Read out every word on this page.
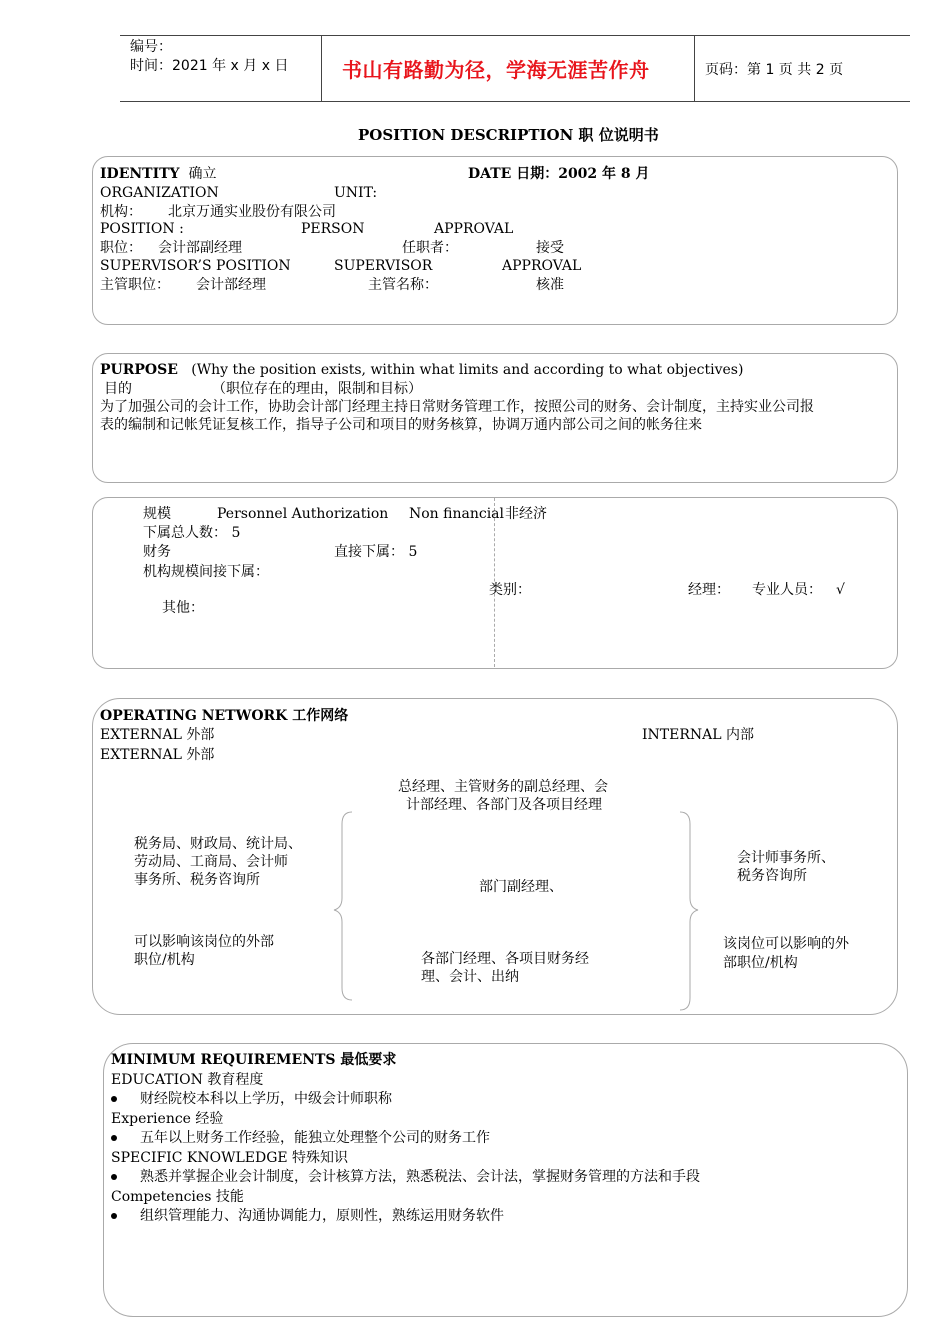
编号：
时间：2021 年 x 月 x 日	书山有路勤为径，学海无涯苦作舟	页码：第 1 页 共 2 页
POSITION DESCRIPTION 职 位说明书
IDENTITY 确立	DATE 日期：2002 年 8 月
ORGANIZATION	UNIT:
机构： 北京万通实业股份有限公司
POSITION :	PERSON	APPROVAL
职位： 会计部副经理	任职者：	接受
SUPERVISOR’S POSITION	SUPERVISOR	APPROVAL
主管职位： 会计部经理	主管名称：	核准
PURPOSE (Why the position exists, within what limits and according to what objectives)
目的	（职位存在的理由，限制和目标）
为了加强公司的会计工作，协助会计部门经理主持日常财务管理工作，按照公司的财务、会计制度，主持实业公司报
表的编制和记帐凭证复核工作，指导子公司和项目的财务核算，协调万通内部公司之间的帐务往来
规模	Personnel Authorization Non financial 非经济
下属总人数： 5
财务	直接下属： 5
机构规模间接下属：
类别：	经理： 专业人员： √
其他：
OPERATING NETWORK 工作网络
EXTERNAL 外部	INTERNAL 内部
EXTERNAL 外部
总经理、主管财务的副总经理、会
计部经理、各部门及各项目经理
税务局、财政局、统计局、
劳动局、工商局、会计师
事务所、税务咨询所	部门副经理、
会计师事务所、
税务咨询所
可以影响该岗位的外部
职位/机构	各部门经理、各项目财务经
理、会计、出纳
该岗位可以影响的外
部职位/机构
MINIMUM REQUIREMENTS 最低要求
EDUCATION 教育程度
财经院校本科以上学历，中级会计师职称
Experience 经验
五年以上财务工作经验，能独立处理整个公司的财务工作
SPECIFIC KNOWLEDGE 特殊知识
熟悉并掌握企业会计制度，会计核算方法，熟悉税法、会计法，掌握财务管理的方法和手段
Competencies 技能
组织管理能力、沟通协调能力，原则性，熟练运用财务软件
